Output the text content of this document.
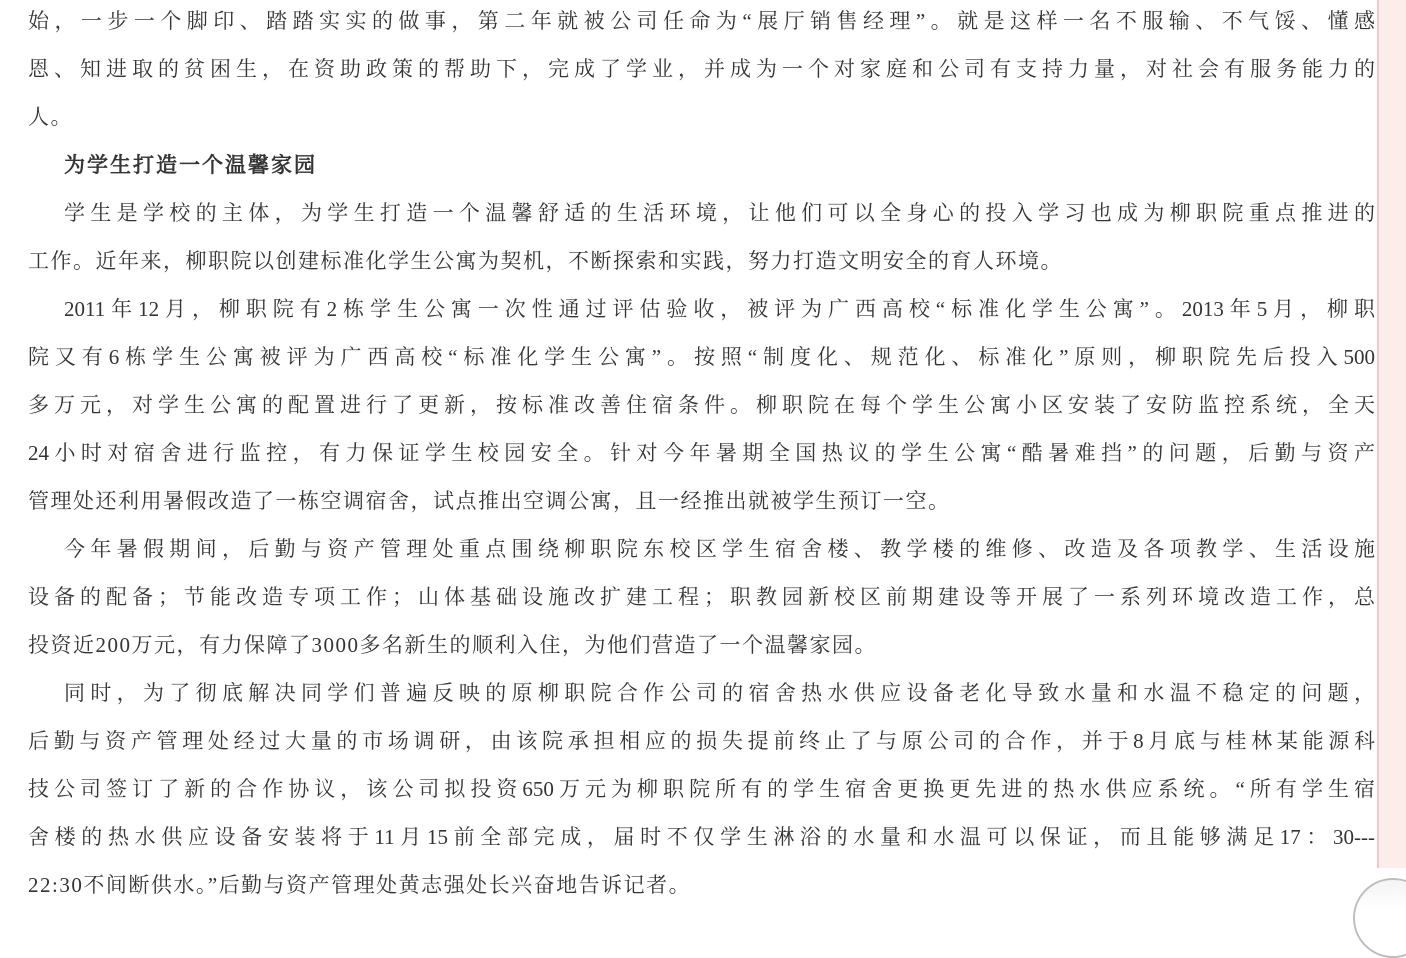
始，一步一个脚印、踏踏实实的做事，第二年就被公司任命为“展厅销售经理”。就是这样一名不服输、不气馁、懂感
恩、知进取的贫困生，在资助政策的帮助下，完成了学业，并成为一个对家庭和公司有支持力量，对社会有服务能力的
人。
为学生打造一个温馨家园
学生是学校的主体，为学生打造一个温馨舒适的生活环境，让他们可以全身心的投入学习也成为柳职院重点推进的
工作。近年来，柳职院以创建标准化学生公寓为契机，不断探索和实践，努力打造文明安全的育人环境。
2011年12月，柳职院有2栋学生公寓一次性通过评估验收，被评为广西高校“标准化学生公寓”。2013年5月，柳职
院又有6栋学生公寓被评为广西高校“标准化学生公寓”。按照“制度化、规范化、标准化”原则，柳职院先后投入500
多万元，对学生公寓的配置进行了更新，按标准改善住宿条件。柳职院在每个学生公寓小区安装了安防监控系统，全天
24小时对宿舍进行监控，有力保证学生校园安全。针对今年暑期全国热议的学生公寓“酷暑难挡”的问题，后勤与资产
管理处还利用暑假改造了一栋空调宿舍，试点推出空调公寓，且一经推出就被学生预订一空。
今年暑假期间，后勤与资产管理处重点围绕柳职院东校区学生宿舍楼、教学楼的维修、改造及各项教学、生活设施
设备的配备；节能改造专项工作；山体基础设施改扩建工程；职教园新校区前期建设等开展了一系列环境改造工作，总
投资近200万元，有力保障了3000多名新生的顺利入住，为他们营造了一个温馨家园。
同时，为了彻底解决同学们普遍反映的原柳职院合作公司的宿舍热水供应设备老化导致水量和水温不稳定的问题，
后勤与资产管理处经过大量的市场调研，由该院承担相应的损失提前终止了与原公司的合作，并于8月底与桂林某能源科
技公司签订了新的合作协议，该公司拟投资650万元为柳职院所有的学生宿舍更换更先进的热水供应系统。“所有学生宿
舍楼的热水供应设备安装将于11月15前全部完成，届时不仅学生淋浴的水量和水温可以保证，而且能够满足17：30---
22:30不间断供水。”后勤与资产管理处黄志强处长兴奋地告诉记者。
